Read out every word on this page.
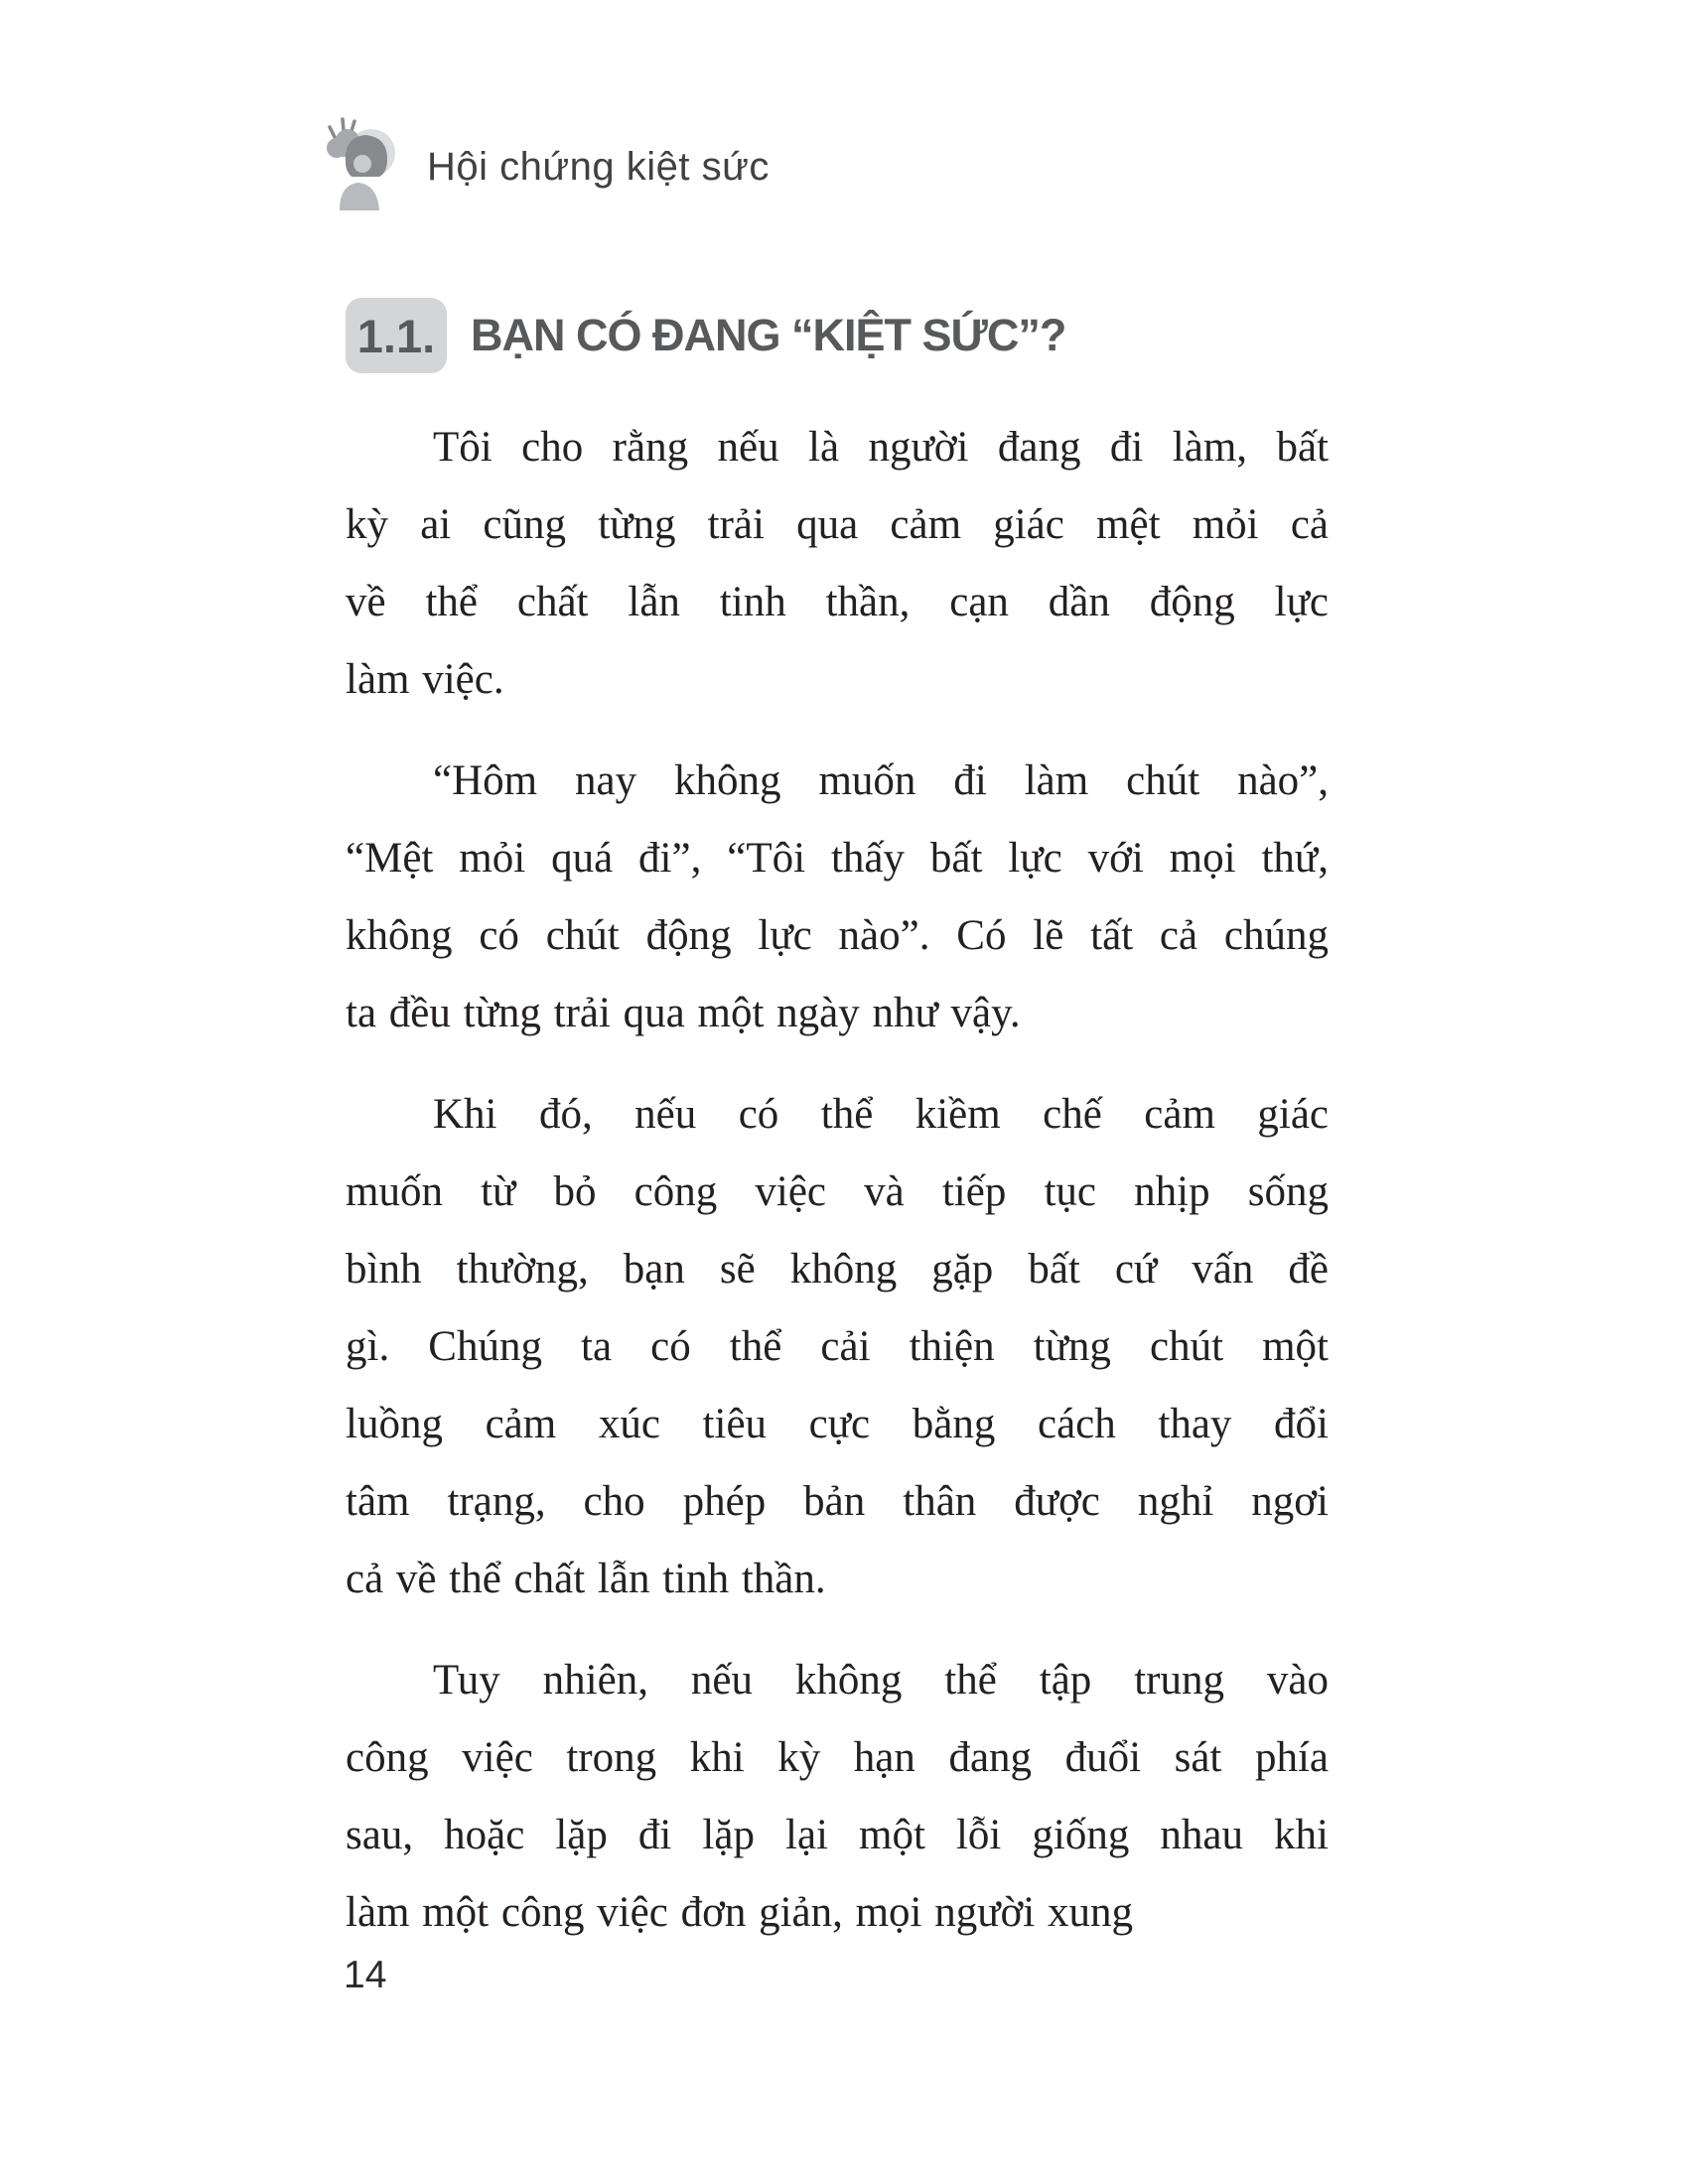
Hội chứng kiệt sức
1.1. BẠN CÓ ĐANG “KIỆT SỨC”?
Tôi cho rằng nếu là người đang đi làm, bất
kỳ ai cũng từng trải qua cảm giác mệt mỏi cả
về thể chất lẫn tinh thần, cạn dần động lực
làm việc.
“Hôm nay không muốn đi làm chút nào”,
“Mệt mỏi quá đi”, “Tôi thấy bất lực với mọi thứ,
không có chút động lực nào”. Có lẽ tất cả chúng
ta đều từng trải qua một ngày như vậy.
Khi đó, nếu có thể kiềm chế cảm giác
muốn từ bỏ công việc và tiếp tục nhịp sống
bình thường, bạn sẽ không gặp bất cứ vấn đề
gì. Chúng ta có thể cải thiện từng chút một
luồng cảm xúc tiêu cực bằng cách thay đổi
tâm trạng, cho phép bản thân được nghỉ ngơi
cả về thể chất lẫn tinh thần.
Tuy nhiên, nếu không thể tập trung vào
công việc trong khi kỳ hạn đang đuổi sát phía
sau, hoặc lặp đi lặp lại một lỗi giống nhau khi
làm một công việc đơn giản, mọi người xung
14
